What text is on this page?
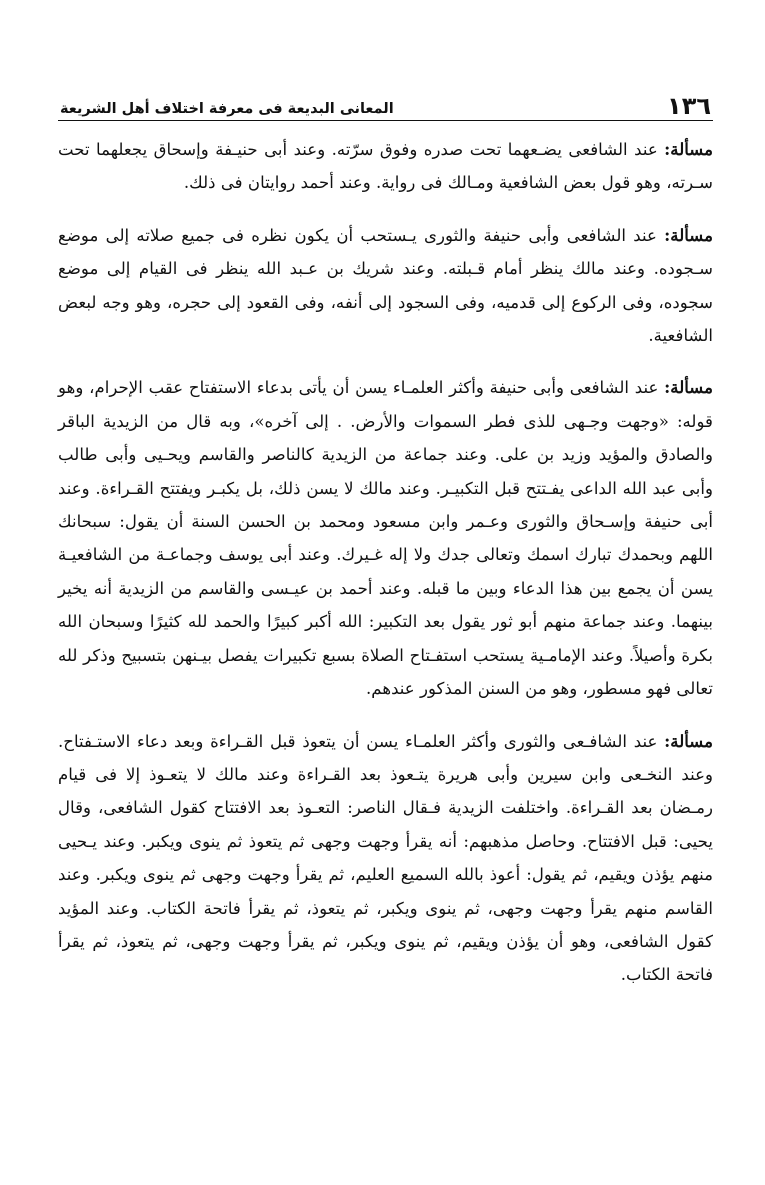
١٣٦
المعانى البديعة فى معرفة اختلاف أهل الشريعة

مسألة: عند الشافعى يضـعهما تحت صدره وفوق سرّته. وعند أبى حنيـفة وإسحاق يجعلهما تحت سـرته، وهو قول بعض الشافعية ومـالك فى رواية. وعند أحمد روايتان فى ذلك.

مسألة: عند الشافعى وأبى حنيفة والثورى يـستحب أن يكون نظره فى جميع صلاته إلى موضع سـجوده. وعند مالك ينظر أمام قـبلته. وعند شريك بن عـبد الله ينظر فى القيام إلى موضع سجوده، وفى الركوع إلى قدميه، وفى السجود إلى أنفه، وفى القعود إلى حجره، وهو وجه لبعض الشافعية.

مسألة: عند الشافعى وأبى حنيفة وأكثر العلمـاء يسن أن يأتى بدعاء الاستفتاح عقب الإحرام، وهو قوله: «وجهت وجـهى للذى فطر السموات والأرض. . إلى آخره»، وبه قال من الزيدية الباقر والصادق والمؤيد وزيد بن على. وعند جماعة من الزيدية كالناصر والقاسم ويحـيى وأبى طالب وأبى عبد الله الداعى يفـتتح قبل التكبيـر. وعند مالك لا يسن ذلك، بل يكبـر ويفتتح القـراءة. وعند أبى حنيفة وإسـحاق والثورى وعـمر وابن مسعود ومحمد بن الحسن السنة أن يقول: سبحانك اللهم وبحمدك تبارك اسمك وتعالى جدك ولا إله غـيرك. وعند أبى يوسف وجماعـة من الشافعيـة يسن أن يجمع بين هذا الدعاء وبين ما قبله. وعند أحمد بن عيـسى والقاسم من الزيدية أنه يخير بينهما. وعند جماعة منهم أبو ثور يقول بعد التكبير: الله أكبر كبيرًا والحمد لله كثيرًا وسبحان الله بكرة وأصيلاً. وعند الإمامـية يستحب استفـتاح الصلاة بسبع تكبيرات يفصل بيـنهن بتسبيح وذكر لله تعالى فهو مسطور، وهو من السنن المذكور عندهم.

مسألة: عند الشافـعى والثورى وأكثر العلمـاء يسن أن يتعوذ قبل القـراءة وبعد دعاء الاستـفتاح. وعند النخـعى وابن سيرين وأبى هريرة يتـعوذ بعد القـراءة وعند مالك لا يتعـوذ إلا فى قيام رمـضان بعد القـراءة. واختلفت الزيدية فـقال الناصر: التعـوذ بعد الافتتاح كقول الشافعى، وقال يحيى: قبل الافتتاح. وحاصل مذهبهم: أنه يقرأ وجهت وجهى ثم يتعوذ ثم ينوى ويكبر. وعند يـحيى منهم يؤذن ويقيم، ثم يقول: أعوذ بالله السميع العليم، ثم يقرأ وجهت وجهى ثم ينوى ويكبر. وعند القاسم منهم يقرأ وجهت وجهى، ثم ينوى ويكبر، ثم يتعوذ، ثم يقرأ فاتحة الكتاب. وعند المؤيد كقول الشافعى، وهو أن يؤذن ويقيم، ثم ينوى ويكبر، ثم يقرأ وجهت وجهى، ثم يتعوذ، ثم يقرأ فاتحة الكتاب.
